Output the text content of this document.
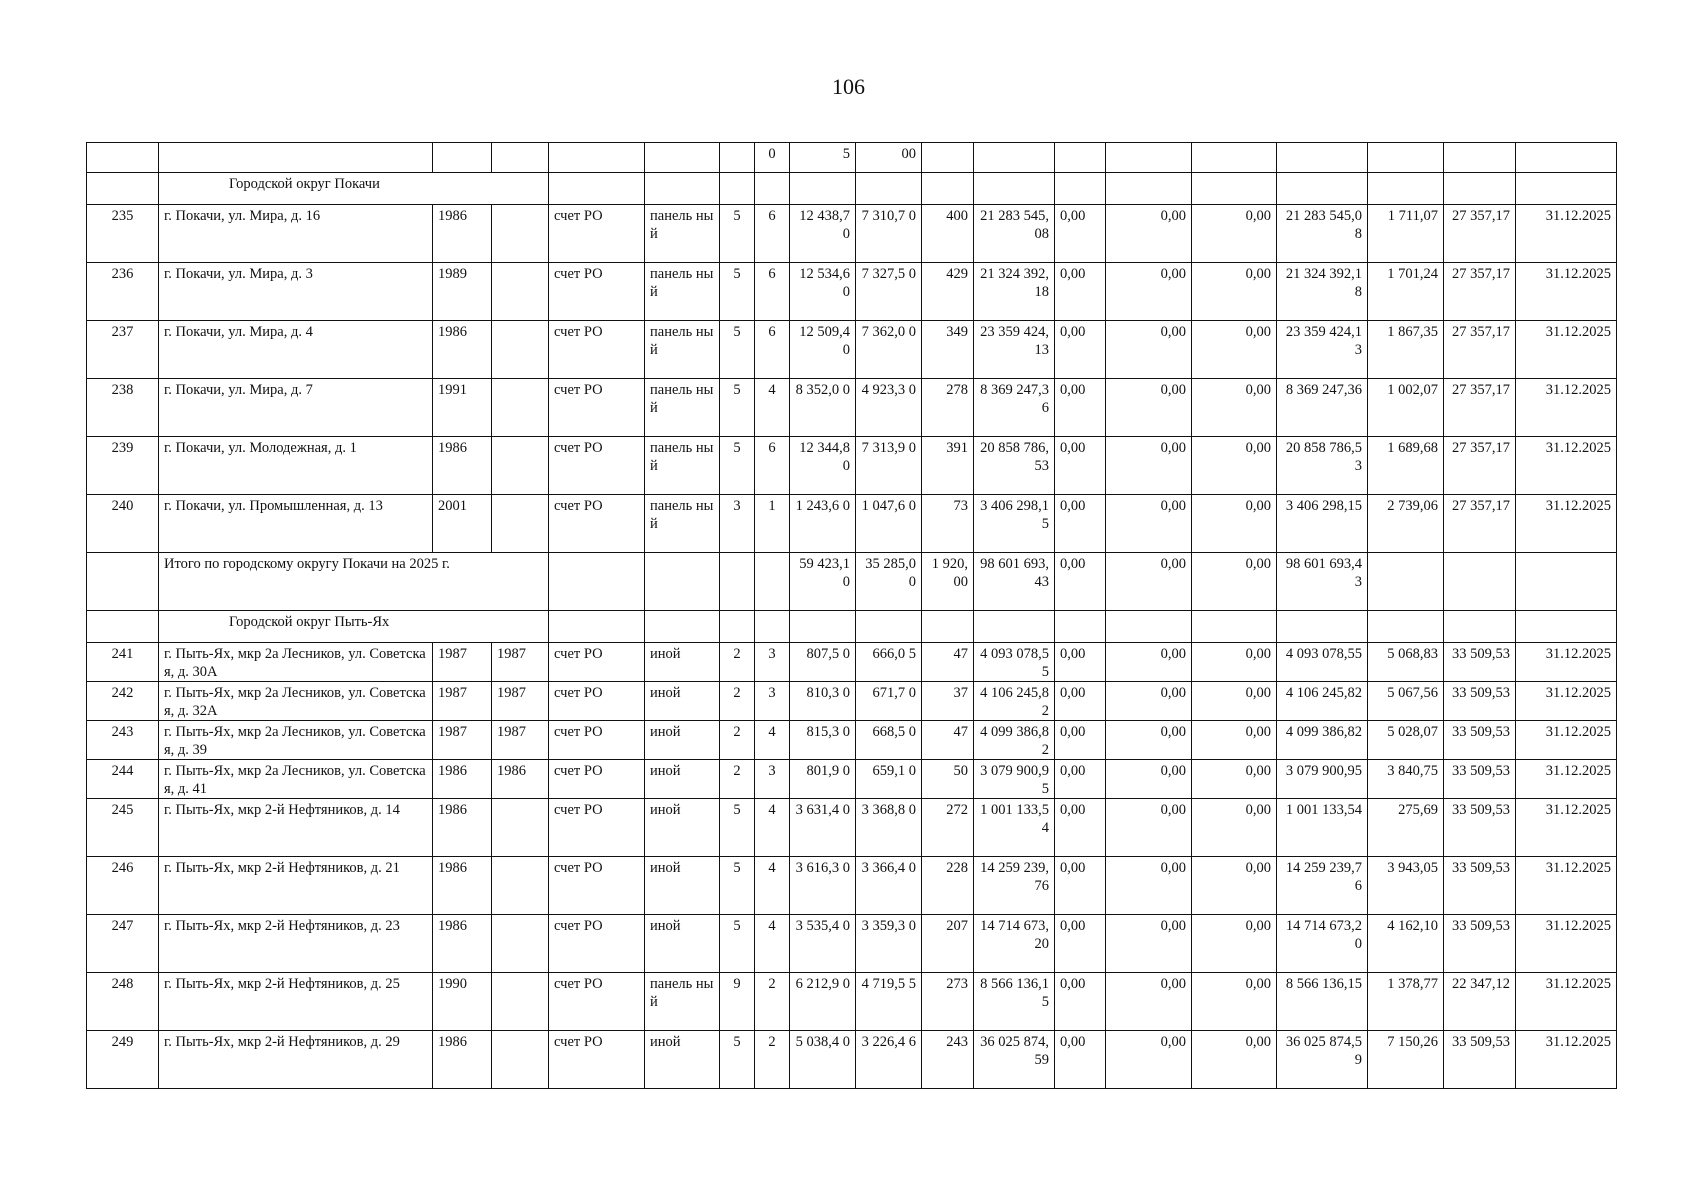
106
							0	5	00									
	Городской округ Покачи																	
235	г. Покачи, ул. Мира, д. 16	1986		счет РО	панель ный	5	6	12 438,7 0	7 310,7 0	400	21 283 545,08	0,00	0,00	0,00	21 283 545,08	1 711,07	27 357,17	31.12.2025
236	г. Покачи, ул. Мира, д. 3	1989		счет РО	панель ный	5	6	12 534,6 0	7 327,5 0	429	21 324 392,18	0,00	0,00	0,00	21 324 392,18	1 701,24	27 357,17	31.12.2025
237	г. Покачи, ул. Мира, д. 4	1986		счет РО	панель ный	5	6	12 509,4 0	7 362,0 0	349	23 359 424,13	0,00	0,00	0,00	23 359 424,13	1 867,35	27 357,17	31.12.2025
238	г. Покачи, ул. Мира, д. 7	1991		счет РО	панель ный	5	4	8 352,0 0	4 923,3 0	278	8 369 247,36	0,00	0,00	0,00	8 369 247,36	1 002,07	27 357,17	31.12.2025
239	г. Покачи, ул. Молодежная, д. 1	1986		счет РО	панель ный	5	6	12 344,8 0	7 313,9 0	391	20 858 786,53	0,00	0,00	0,00	20 858 786,53	1 689,68	27 357,17	31.12.2025
240	г. Покачи, ул. Промышленная, д. 13	2001		счет РО	панель ный	3	1	1 243,6 0	1 047,6 0	73	3 406 298,15	0,00	0,00	0,00	3 406 298,15	2 739,06	27 357,17	31.12.2025
	Итого по городскому округу Покачи на 2025 г.							59 423,1 0	35 285,0 0	1 920, 00	98 601 693,43	0,00	0,00	0,00	98 601 693,43			
	Городской округ Пыть-Ях																	
241	г. Пыть-Ях, мкр 2а Лесников, ул. Советская, д. 30А	1987	1987	счет РО	иной	2	3	807,5 0	666,0 5	47	4 093 078,55	0,00	0,00	0,00	4 093 078,55	5 068,83	33 509,53	31.12.2025
242	г. Пыть-Ях, мкр 2а Лесников, ул. Советская, д. 32А	1987	1987	счет РО	иной	2	3	810,3 0	671,7 0	37	4 106 245,82	0,00	0,00	0,00	4 106 245,82	5 067,56	33 509,53	31.12.2025
243	г. Пыть-Ях, мкр 2а Лесников, ул. Советская, д. 39	1987	1987	счет РО	иной	2	4	815,3 0	668,5 0	47	4 099 386,82	0,00	0,00	0,00	4 099 386,82	5 028,07	33 509,53	31.12.2025
244	г. Пыть-Ях, мкр 2а Лесников, ул. Советская, д. 41	1986	1986	счет РО	иной	2	3	801,9 0	659,1 0	50	3 079 900,95	0,00	0,00	0,00	3 079 900,95	3 840,75	33 509,53	31.12.2025
245	г. Пыть-Ях, мкр 2-й Нефтяников, д. 14	1986		счет РО	иной	5	4	3 631,4 0	3 368,8 0	272	1 001 133,54	0,00	0,00	0,00	1 001 133,54	275,69	33 509,53	31.12.2025
246	г. Пыть-Ях, мкр 2-й Нефтяников, д. 21	1986		счет РО	иной	5	4	3 616,3 0	3 366,4 0	228	14 259 239,76	0,00	0,00	0,00	14 259 239,76	3 943,05	33 509,53	31.12.2025
247	г. Пыть-Ях, мкр 2-й Нефтяников, д. 23	1986		счет РО	иной	5	4	3 535,4 0	3 359,3 0	207	14 714 673,20	0,00	0,00	0,00	14 714 673,20	4 162,10	33 509,53	31.12.2025
248	г. Пыть-Ях, мкр 2-й Нефтяников, д. 25	1990		счет РО	панель ный	9	2	6 212,9 0	4 719,5 5	273	8 566 136,15	0,00	0,00	0,00	8 566 136,15	1 378,77	22 347,12	31.12.2025
249	г. Пыть-Ях, мкр 2-й Нефтяников, д. 29	1986		счет РО	иной	5	2	5 038,4 0	3 226,4 6	243	36 025 874,59	0,00	0,00	0,00	36 025 874,59	7 150,26	33 509,53	31.12.2025
